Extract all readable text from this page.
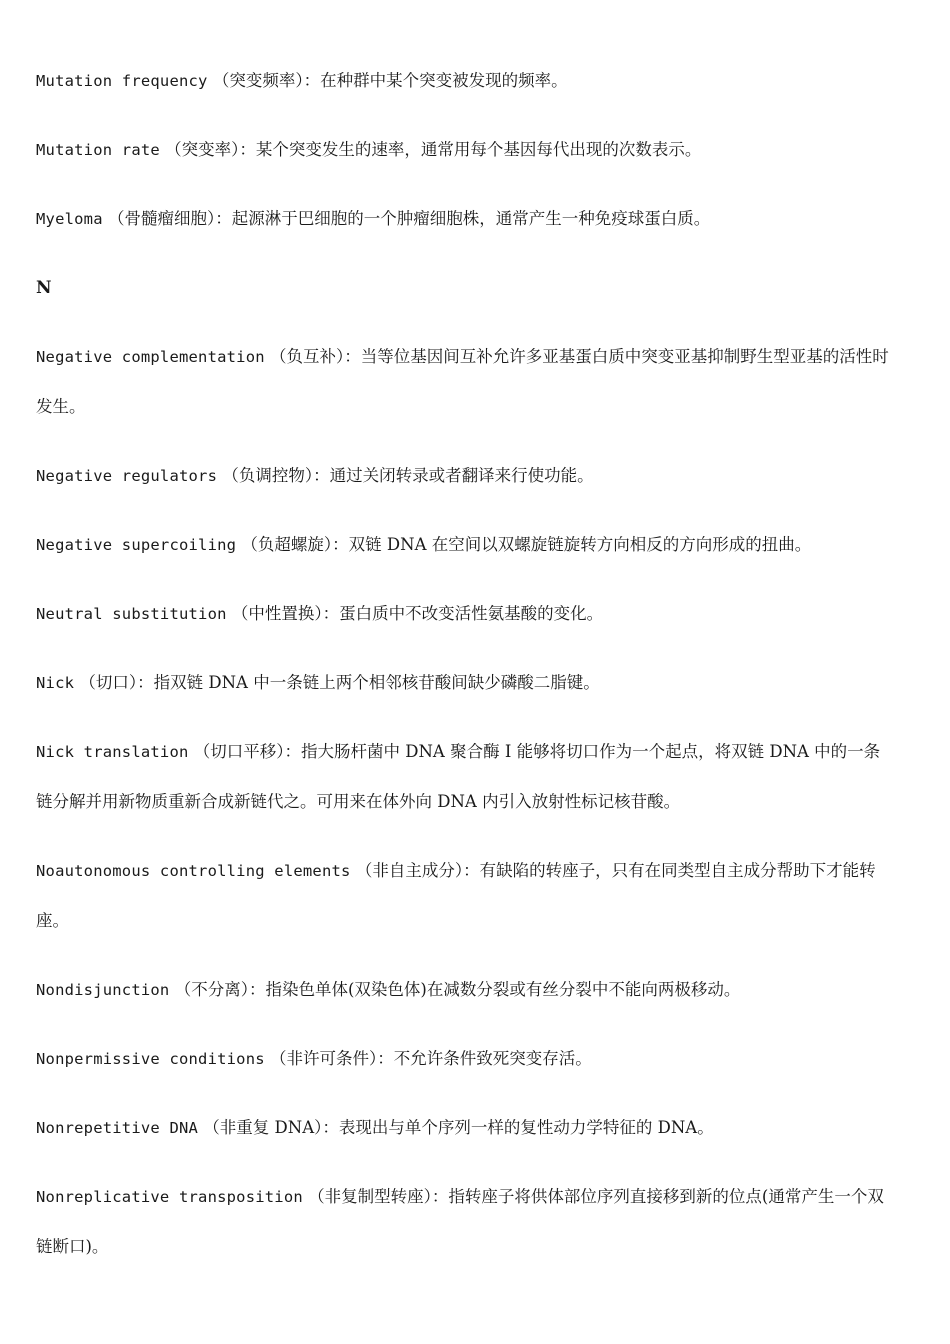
Mutation frequency （突变频率）：在种群中某个突变被发现的频率。

Mutation rate （突变率）：某个突变发生的速率，通常用每个基因每代出现的次数表示。

Myeloma （骨髓瘤细胞）：起源淋于巴细胞的一个肿瘤细胞株，通常产生一种免疫球蛋白质。

N

Negative complementation （负互补）：当等位基因间互补允许多亚基蛋白质中突变亚基抑制野生型亚基的活性时发生。

Negative regulators （负调控物）：通过关闭转录或者翻译来行使功能。

Negative supercoiling （负超螺旋）：双链 DNA 在空间以双螺旋链旋转方向相反的方向形成的扭曲。

Neutral substitution （中性置换）：蛋白质中不改变活性氨基酸的变化。

Nick （切口）：指双链 DNA 中一条链上两个相邻核苷酸间缺少磷酸二脂键。

Nick translation （切口平移）：指大肠杆菌中 DNA 聚合酶 I 能够将切口作为一个起点，将双链 DNA 中的一条链分解并用新物质重新合成新链代之。可用来在体外向 DNA 内引入放射性标记核苷酸。

Noautonomous controlling elements （非自主成分）：有缺陷的转座子，只有在同类型自主成分帮助下才能转座。

Nondisjunction （不分离）：指染色单体(双染色体)在减数分裂或有丝分裂中不能向两极移动。

Nonpermissive conditions （非许可条件）：不允许条件致死突变存活。

Nonrepetitive DNA （非重复 DNA）：表现出与单个序列一样的复性动力学特征的 DNA。

Nonreplicative transposition （非复制型转座）：指转座子将供体部位序列直接移到新的位点(通常产生一个双链断口)。
